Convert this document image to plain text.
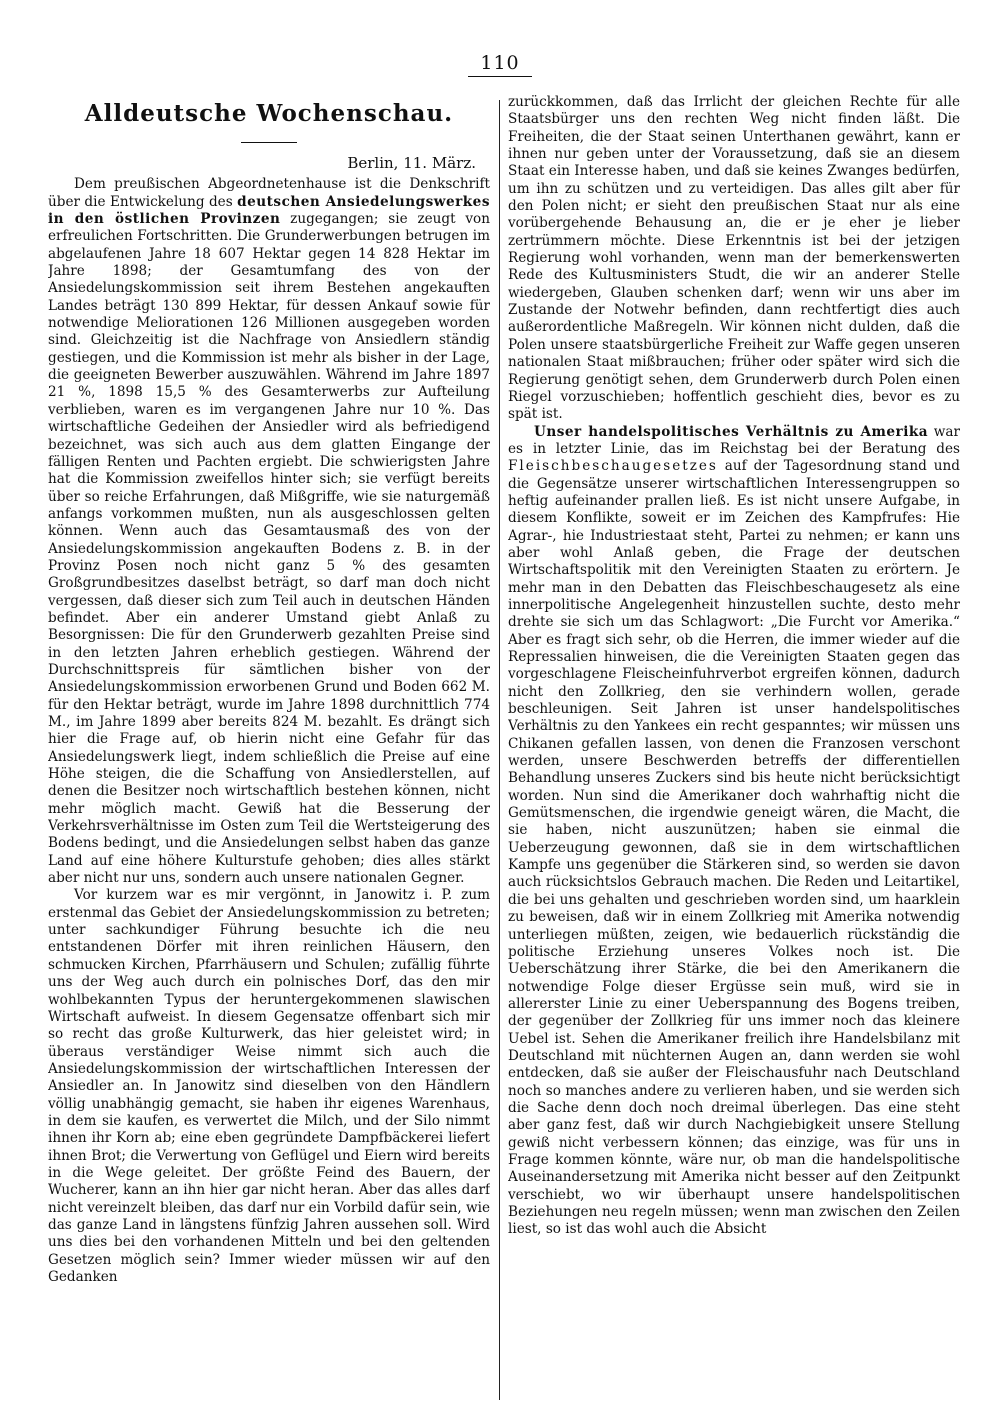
110
Alldeutsche Wochenschau.
Berlin, 11. März.

Dem preußischen Abgeordnetenhause ist die Denkschrift über die Entwickelung des deutschen Ansiedelungswerkes in den östlichen Provinzen zugegangen; sie zeugt von erfreulichen Fortschritten. Die Grunderwerbungen betrugen im abgelaufenen Jahre 18 607 Hektar gegen 14 828 Hektar im Jahre 1898; der Gesamtumfang des von der Ansiedelungskommission seit ihrem Bestehen angekauften Landes beträgt 130 899 Hektar, für dessen Ankauf sowie für notwendige Meliorationen 126 Millionen ausgegeben worden sind. Gleichzeitig ist die Nachfrage von Ansiedlern ständig gestiegen, und die Kommission ist mehr als bisher in der Lage, die geeigneten Bewerber auszuwählen. Während im Jahre 1897 21 %, 1898 15,5 % des Gesamterwerbs zur Aufteilung verblieben, waren es im vergangenen Jahre nur 10 %. Das wirtschaftliche Gedeihen der Ansiedler wird als befriedigend bezeichnet, was sich auch aus dem glatten Eingange der fälligen Renten und Pachten ergiebt. Die schwierigsten Jahre hat die Kommission zweifellos hinter sich; sie verfügt bereits über so reiche Erfahrungen, daß Mißgriffe, wie sie naturgemäß anfangs vorkommen mußten, nun als ausgeschlossen gelten können. Wenn auch das Gesamtausmaß des von der Ansiedelungskommission angekauften Bodens z. B. in der Provinz Posen noch nicht ganz 5 % des gesamten Großgrundbesitzes daselbst beträgt, so darf man doch nicht vergessen, daß dieser sich zum Teil auch in deutschen Händen befindet. Aber ein anderer Umstand giebt Anlaß zu Besorgnissen: Die für den Grunderwerb gezahlten Preise sind in den letzten Jahren erheblich gestiegen. Während der Durchschnittspreis für sämtlichen bisher von der Ansiedelungskommission erworbenen Grund und Boden 662 M. für den Hektar beträgt, wurde im Jahre 1898 durchnittlich 774 M., im Jahre 1899 aber bereits 824 M. bezahlt. Es drängt sich hier die Frage auf, ob hierin nicht eine Gefahr für das Ansiedelungswerk liegt, indem schließlich die Preise auf eine Höhe steigen, die die Schaffung von Ansiedlerstellen, auf denen die Besitzer noch wirtschaftlich bestehen können, nicht mehr möglich macht. Gewiß hat die Besserung der Verkehrsverhältnisse im Osten zum Teil die Wertsteigerung des Bodens bedingt, und die Ansiedelungen selbst haben das ganze Land auf eine höhere Kulturstufe gehoben; dies alles stärkt aber nicht nur uns, sondern auch unsere nationalen Gegner.

Vor kurzem war es mir vergönnt, in Janowitz i. P. zum erstenmal das Gebiet der Ansiedelungskommission zu betreten; unter sachkundiger Führung besuchte ich die neu entstandenen Dörfer mit ihren reinlichen Häusern, den schmucken Kirchen, Pfarrhäusern und Schulen; zufällig führte uns der Weg auch durch ein polnisches Dorf, das den mir wohlbekannten Typus der heruntergekommenen slawischen Wirtschaft aufweist. In diesem Gegensatze offenbart sich mir so recht das große Kulturwerk, das hier geleistet wird; in überaus verständiger Weise nimmt sich auch die Ansiedelungskommission der wirtschaftlichen Interessen der Ansiedler an. In Janowitz sind dieselben von den Händlern völlig unabhängig gemacht, sie haben ihr eigenes Warenhaus, in dem sie kaufen, es verwertet die Milch, und der Silo nimmt ihnen ihr Korn ab; eine eben gegründete Dampfbäckerei liefert ihnen Brot; die Verwertung von Geflügel und Eiern wird bereits in die Wege geleitet. Der größte Feind des Bauern, der Wucherer, kann an ihn hier gar nicht heran. Aber das alles darf nicht vereinzelt bleiben, das darf nur ein Vorbild dafür sein, wie das ganze Land in längstens fünfzig Jahren aussehen soll. Wird uns dies bei den vorhandenen Mitteln und bei den geltenden Gesetzen möglich sein? Immer wieder müssen wir auf den Gedanken

zurückkommen, daß das Irrlicht der gleichen Rechte für alle Staatsbürger uns den rechten Weg nicht finden läßt. Die Freiheiten, die der Staat seinen Unterthanen gewährt, kann er ihnen nur geben unter der Voraussetzung, daß sie an diesem Staat ein Interesse haben, und daß sie keines Zwanges bedürfen, um ihn zu schützen und zu verteidigen. Das alles gilt aber für den Polen nicht; er sieht den preußischen Staat nur als eine vorübergehende Behausung an, die er je eher je lieber zertrümmern möchte. Diese Erkenntnis ist bei der jetzigen Regierung wohl vorhanden, wenn man der bemerkenswerten Rede des Kultusministers Studt, die wir an anderer Stelle wiedergeben, Glauben schenken darf; wenn wir uns aber im Zustande der Notwehr befinden, dann rechtfertigt dies auch außerordentliche Maßregeln. Wir können nicht dulden, daß die Polen unsere staatsbürgerliche Freiheit zur Waffe gegen unseren nationalen Staat mißbrauchen; früher oder später wird sich die Regierung genötigt sehen, dem Grunderwerb durch Polen einen Riegel vorzuschieben; hoffentlich geschieht dies, bevor es zu spät ist.

Unser handelspolitisches Verhältnis zu Amerika war es in letzter Linie, das im Reichstag bei der Beratung des Fleischbeschaugesetzes auf der Tagesordnung stand und die Gegensätze unserer wirtschaftlichen Interessengruppen so heftig aufeinander prallen ließ. Es ist nicht unsere Aufgabe, in diesem Konflikte, soweit er im Zeichen des Kampfrufes: Hie Agrar-, hie Industriestaat steht, Partei zu nehmen; er kann uns aber wohl Anlaß geben, die Frage der deutschen Wirtschaftspolitik mit den Vereinigten Staaten zu erörtern. Je mehr man in den Debatten das Fleischbeschaugesetz als eine innerpolitische Angelegenheit hinzustellen suchte, desto mehr drehte sie sich um das Schlagwort: „Die Furcht vor Amerika.“ Aber es fragt sich sehr, ob die Herren, die immer wieder auf die Repressalien hinweisen, die die Vereinigten Staaten gegen das vorgeschlagene Fleischeinfuhrverbot ergreifen können, dadurch nicht den Zollkrieg, den sie verhindern wollen, gerade beschleunigen. Seit Jahren ist unser handelspolitisches Verhältnis zu den Yankees ein recht gespanntes; wir müssen uns Chikanen gefallen lassen, von denen die Franzosen verschont werden, unsere Beschwerden betreffs der differentiellen Behandlung unseres Zuckers sind bis heute nicht berücksichtigt worden. Nun sind die Amerikaner doch wahrhaftig nicht die Gemütsmenschen, die irgendwie geneigt wären, die Macht, die sie haben, nicht auszunützen; haben sie einmal die Ueberzeugung gewonnen, daß sie in dem wirtschaftlichen Kampfe uns gegenüber die Stärkeren sind, so werden sie davon auch rücksichtslos Gebrauch machen. Die Reden und Leitartikel, die bei uns gehalten und geschrieben worden sind, um haarklein zu beweisen, daß wir in einem Zollkrieg mit Amerika notwendig unterliegen müßten, zeigen, wie bedauerlich rückständig die politische Erziehung unseres Volkes noch ist. Die Ueberschätzung ihrer Stärke, die bei den Amerikanern die notwendige Folge dieser Ergüsse sein muß, wird sie in allererster Linie zu einer Ueberspannung des Bogens treiben, der gegenüber der Zollkrieg für uns immer noch das kleinere Uebel ist. Sehen die Amerikaner freilich ihre Handelsbilanz mit Deutschland mit nüchternen Augen an, dann werden sie wohl entdecken, daß sie außer der Fleischausfuhr nach Deutschland noch so manches andere zu verlieren haben, und sie werden sich die Sache denn doch noch dreimal überlegen. Das eine steht aber ganz fest, daß wir durch Nachgiebigkeit unsere Stellung gewiß nicht verbessern können; das einzige, was für uns in Frage kommen könnte, wäre nur, ob man die handelspolitische Auseinandersetzung mit Amerika nicht besser auf den Zeitpunkt verschiebt, wo wir überhaupt unsere handelspolitischen Beziehungen neu regeln müssen; wenn man zwischen den Zeilen liest, so ist das wohl auch die Absicht
